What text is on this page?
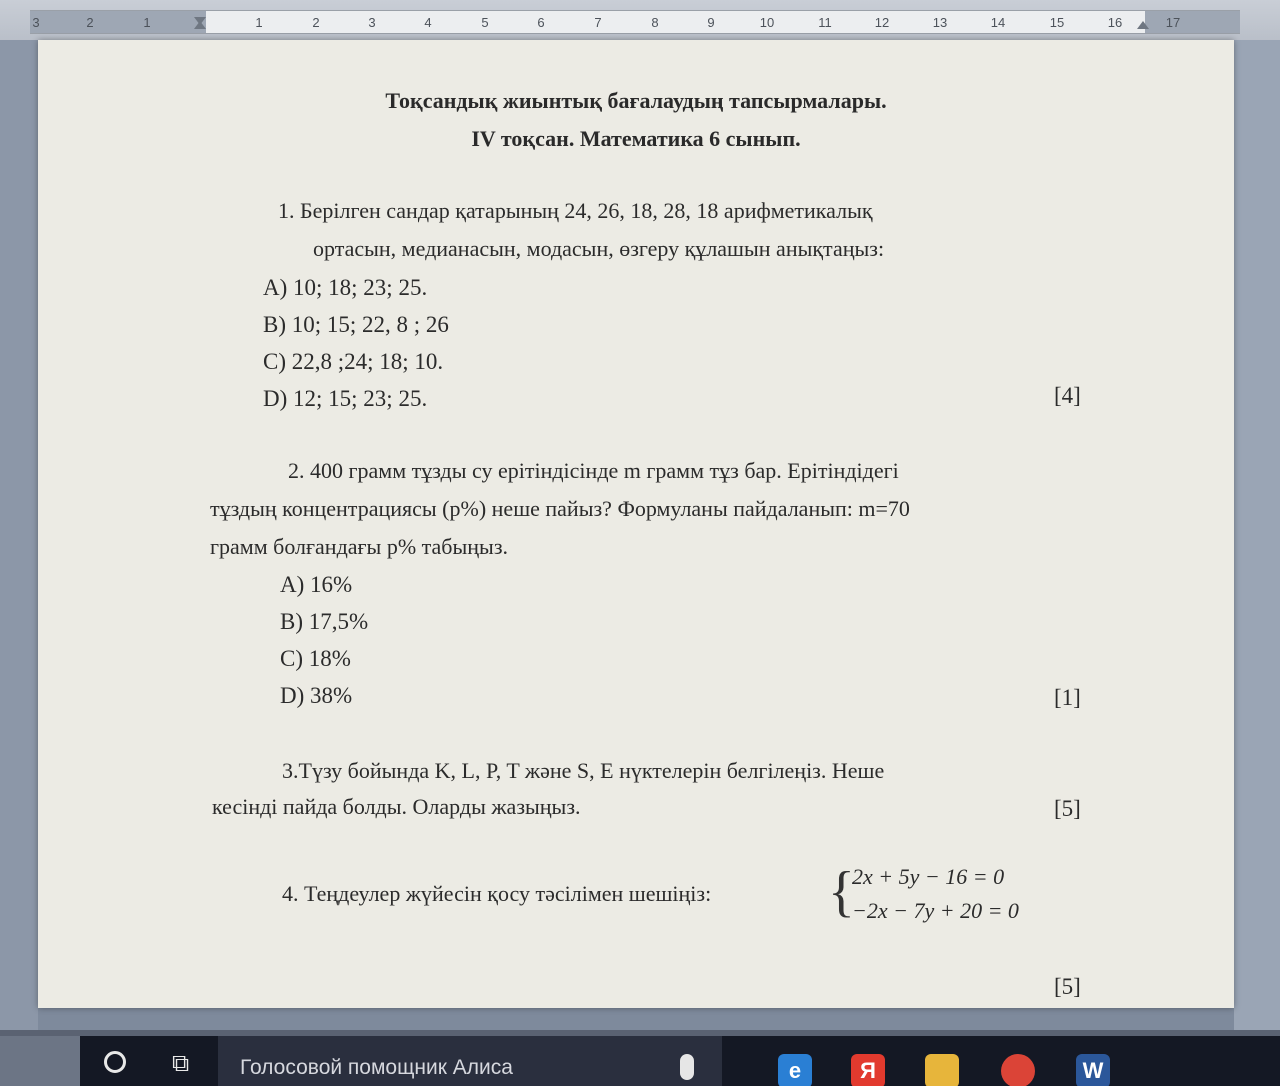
3	2	1	1	2	3	4	5	6	7	8	9	10	11	12	13	14	15	16	17
Тоқсандық жиынтық бағалаудың тапсырмалары.
IV тоқсан. Математика 6 сынып.
1. Берілген сандар қатарының 24, 26, 18, 28, 18 арифметикалық
ортасын, медианасын, модасын, өзгеру құлашын анықтаңыз:
A) 10; 18; 23; 25.
B) 10; 15; 22, 8 ; 26
C) 22,8 ;24; 18; 10.
D) 12; 15; 23; 25.	[4]
2. 400 грамм тұзды су ерітіндісінде m грамм тұз бар. Ерітіндідегі
тұздың концентрациясы (р%) неше пайыз? Формуланы пайдаланып: m=70
грамм болғандағы р% табыңыз.
A) 16%
B) 17,5%
C) 18%
D) 38%	[1]
3.Түзу бойында K, L, P, T және S, E нүктелерін белгілеңіз. Неше
кесінді пайда болды. Оларды жазыңыз.	[5]
4. Теңдеулер жүйесін қосу тәсілімен шешіңіз: {
2x + 5y − 16 = 0
−2x − 7y + 20 = 0
[5]
⧉	Голосовой помощник Алиса	e	Я	W
